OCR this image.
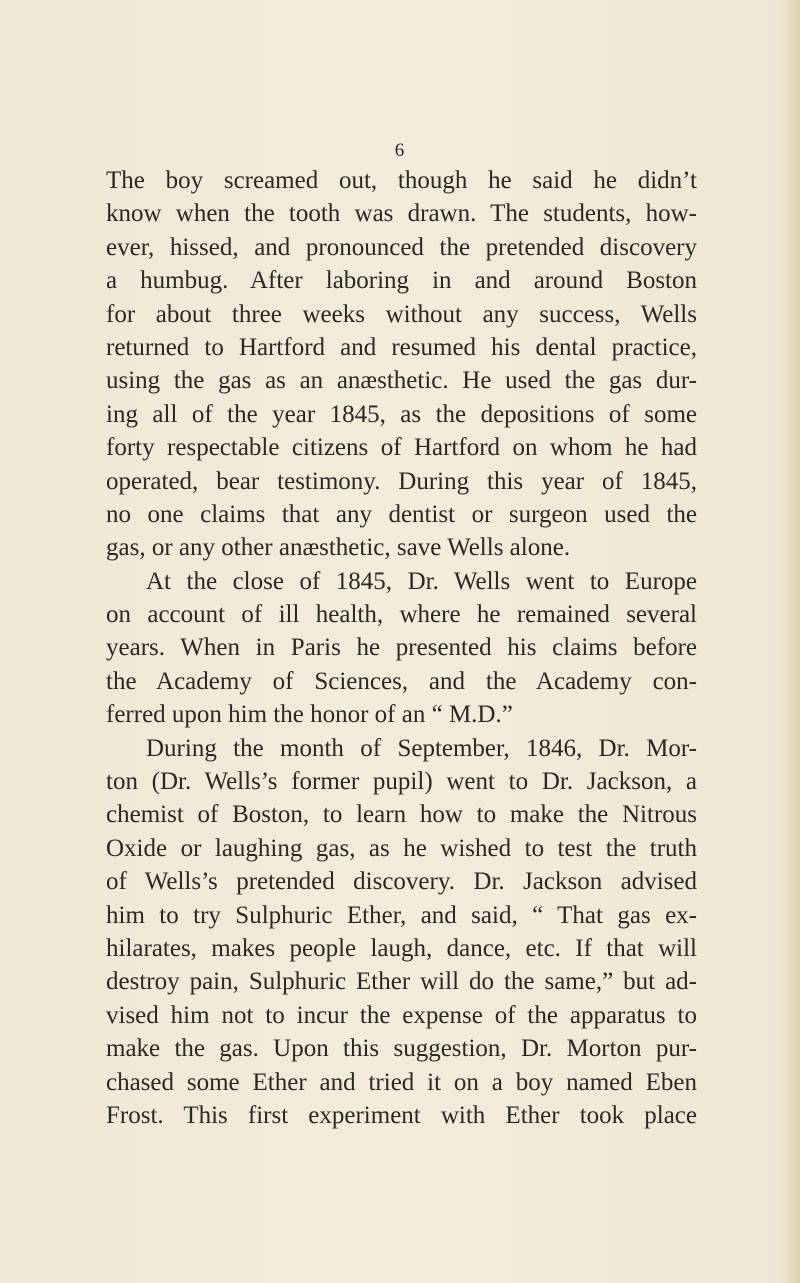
6
The boy screamed out, though he said he didn’t
know when the tooth was drawn. The students, how-
ever, hissed, and pronounced the pretended discovery
a humbug. After laboring in and around Boston
for about three weeks without any success, Wells
returned to Hartford and resumed his dental practice,
using the gas as an anæsthetic. He used the gas dur-
ing all of the year 1845, as the depositions of some
forty respectable citizens of Hartford on whom he had
operated, bear testimony. During this year of 1845,
no one claims that any dentist or surgeon used the
gas, or any other anæsthetic, save Wells alone.
At the close of 1845, Dr. Wells went to Europe
on account of ill health, where he remained several
years. When in Paris he presented his claims before
the Academy of Sciences, and the Academy con-
ferred upon him the honor of an “ M.D.”
During the month of September, 1846, Dr. Mor-
ton (Dr. Wells’s former pupil) went to Dr. Jackson, a
chemist of Boston, to learn how to make the Nitrous
Oxide or laughing gas, as he wished to test the truth
of Wells’s pretended discovery. Dr. Jackson advised
him to try Sulphuric Ether, and said, “ That gas ex-
hilarates, makes people laugh, dance, etc. If that will
destroy pain, Sulphuric Ether will do the same,” but ad-
vised him not to incur the expense of the apparatus to
make the gas. Upon this suggestion, Dr. Morton pur-
chased some Ether and tried it on a boy named Eben
Frost. This first experiment with Ether took place
